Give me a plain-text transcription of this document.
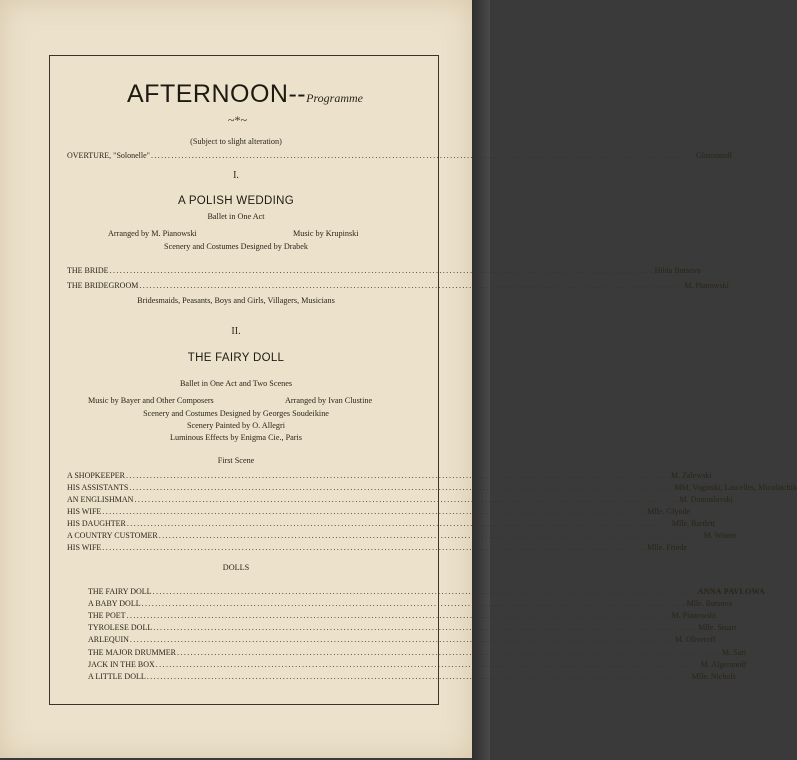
AFTERNOON--Programme
~*~
(Subject to slight alteration)
OVERTURE, "Solonelle" ................................................................................................................................................................ Glazounoff
I.
A POLISH WEDDING
Ballet in One Act
Arranged by M. Pianowski	Music by Krupinski
Scenery and Costumes Designed by Drabek
THE BRIDE ................................................................................................................................................................ Hilda Butsova
THE BRIDEGROOM ................................................................................................................................................................ M. Pianowski
Bridesmaids, Peasants, Boys and Girls, Villagers, Musicians
II.
THE FAIRY DOLL
Ballet in One Act and Two Scenes
Music by Bayer and Other Composers	Arranged by Ivan Clustine
Scenery and Costumes Designed by Georges Soudeikine
Scenery Painted by O. Allegri
Luminous Effects by Enigma Cie., Paris
First Scene
A SHOPKEEPER ................................................................................................................................................................ M. Zalewski
HIS ASSISTANTS ................................................................................................................................................................ MM. Vaginski, Lascelles, Micolaichik
AN ENGLISHMAN ................................................................................................................................................................ M. Domoslavski
HIS WIFE ................................................................................................................................................................ Mlle. Glynde
HIS DAUGHTER ................................................................................................................................................................ Mlle. Bartlett
A COUNTRY CUSTOMER ................................................................................................................................................................ M. Winter
HIS WIFE ................................................................................................................................................................ Mlle. Friede
DOLLS
THE FAIRY DOLL ................................................................................................................................................................ ANNA PAVLOWA
A BABY DOLL ................................................................................................................................................................ Mlle. Butsova
THE POET ................................................................................................................................................................ M. Pianowski
TYROLESE DOLL ................................................................................................................................................................ Mlle. Stuart
ARLEQUIN ................................................................................................................................................................ M. Oliveroff
THE MAJOR DRUMMER ................................................................................................................................................................ M. Sari
JACK IN THE BOX ................................................................................................................................................................ M. Algeranoff
A LITTLE DOLL ................................................................................................................................................................ Mlle. Nichols
